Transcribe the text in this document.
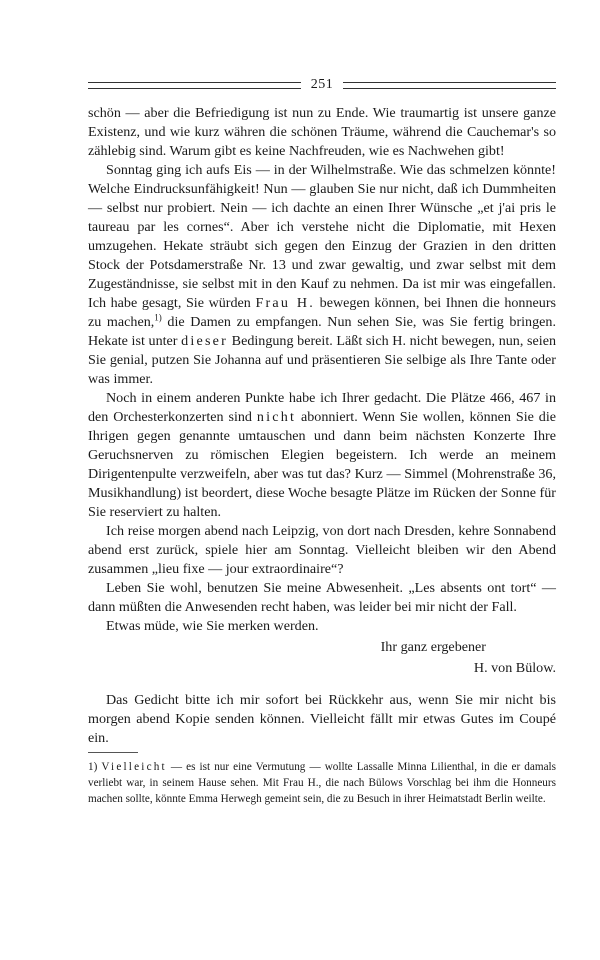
251

schön — aber die Befriedigung ist nun zu Ende. Wie traumartig ist unsere ganze Existenz, und wie kurz währen die schönen Träume, während die Cauchemar's so zählebig sind. Warum gibt es keine Nachfreuden, wie es Nachwehen gibt!

Sonntag ging ich aufs Eis — in der Wilhelmstraße. Wie das schmelzen könnte! Welche Eindrucksunfähigkeit! Nun — glauben Sie nur nicht, daß ich Dummheiten — selbst nur probiert. Nein — ich dachte an einen Ihrer Wünsche „et j'ai pris le taureau par les cornes“. Aber ich verstehe nicht die Diplomatie, mit Hexen umzugehen. Hekate sträubt sich gegen den Einzug der Grazien in den dritten Stock der Potsdamerstraße Nr. 13 und zwar gewaltig, und zwar selbst mit dem Zugeständnisse, sie selbst mit in den Kauf zu nehmen. Da ist mir was eingefallen. Ich habe gesagt, Sie würden Frau H. bewegen können, bei Ihnen die honneurs zu machen,$^{1)}$ die Damen zu empfangen. Nun sehen Sie, was Sie fertig bringen. Hekate ist unter dieser Bedingung bereit. Läßt sich H. nicht bewegen, nun, seien Sie genial, putzen Sie Johanna auf und präsentieren Sie selbige als Ihre Tante oder was immer.

Noch in einem anderen Punkte habe ich Ihrer gedacht. Die Plätze 466, 467 in den Orchesterkonzerten sind nicht abonniert. Wenn Sie wollen, können Sie die Ihrigen gegen genannte umtauschen und dann beim nächsten Konzerte Ihre Geruchsnerven zu römischen Elegien begeistern. Ich werde an meinem Dirigentenpulte verzweifeln, aber was tut das? Kurz — Simmel (Mohrenstraße 36, Musikhandlung) ist beordert, diese Woche besagte Plätze im Rücken der Sonne für Sie reserviert zu halten.

Ich reise morgen abend nach Leipzig, von dort nach Dresden, kehre Sonnabend abend erst zurück, spiele hier am Sonntag. Vielleicht bleiben wir den Abend zusammen „lieu fixe — jour extraordinaire“?

Leben Sie wohl, benutzen Sie meine Abwesenheit. „Les absents ont tort“ — dann müßten die Anwesenden recht haben, was leider bei mir nicht der Fall.

Etwas müde, wie Sie merken werden.

Ihr ganz ergebener
H. von Bülow.
Das Gedicht bitte ich mir sofort bei Rückkehr aus, wenn Sie mir nicht bis morgen abend Kopie senden können. Vielleicht fällt mir etwas Gutes im Coupé ein.
1) Vielleicht — es ist nur eine Vermutung — wollte Lassalle Minna Lilienthal, in die er damals verliebt war, in seinem Hause sehen. Mit Frau H., die nach Bülows Vorschlag bei ihm die Honneurs machen sollte, könnte Emma Herwegh gemeint sein, die zu Besuch in ihrer Heimatstadt Berlin weilte.
